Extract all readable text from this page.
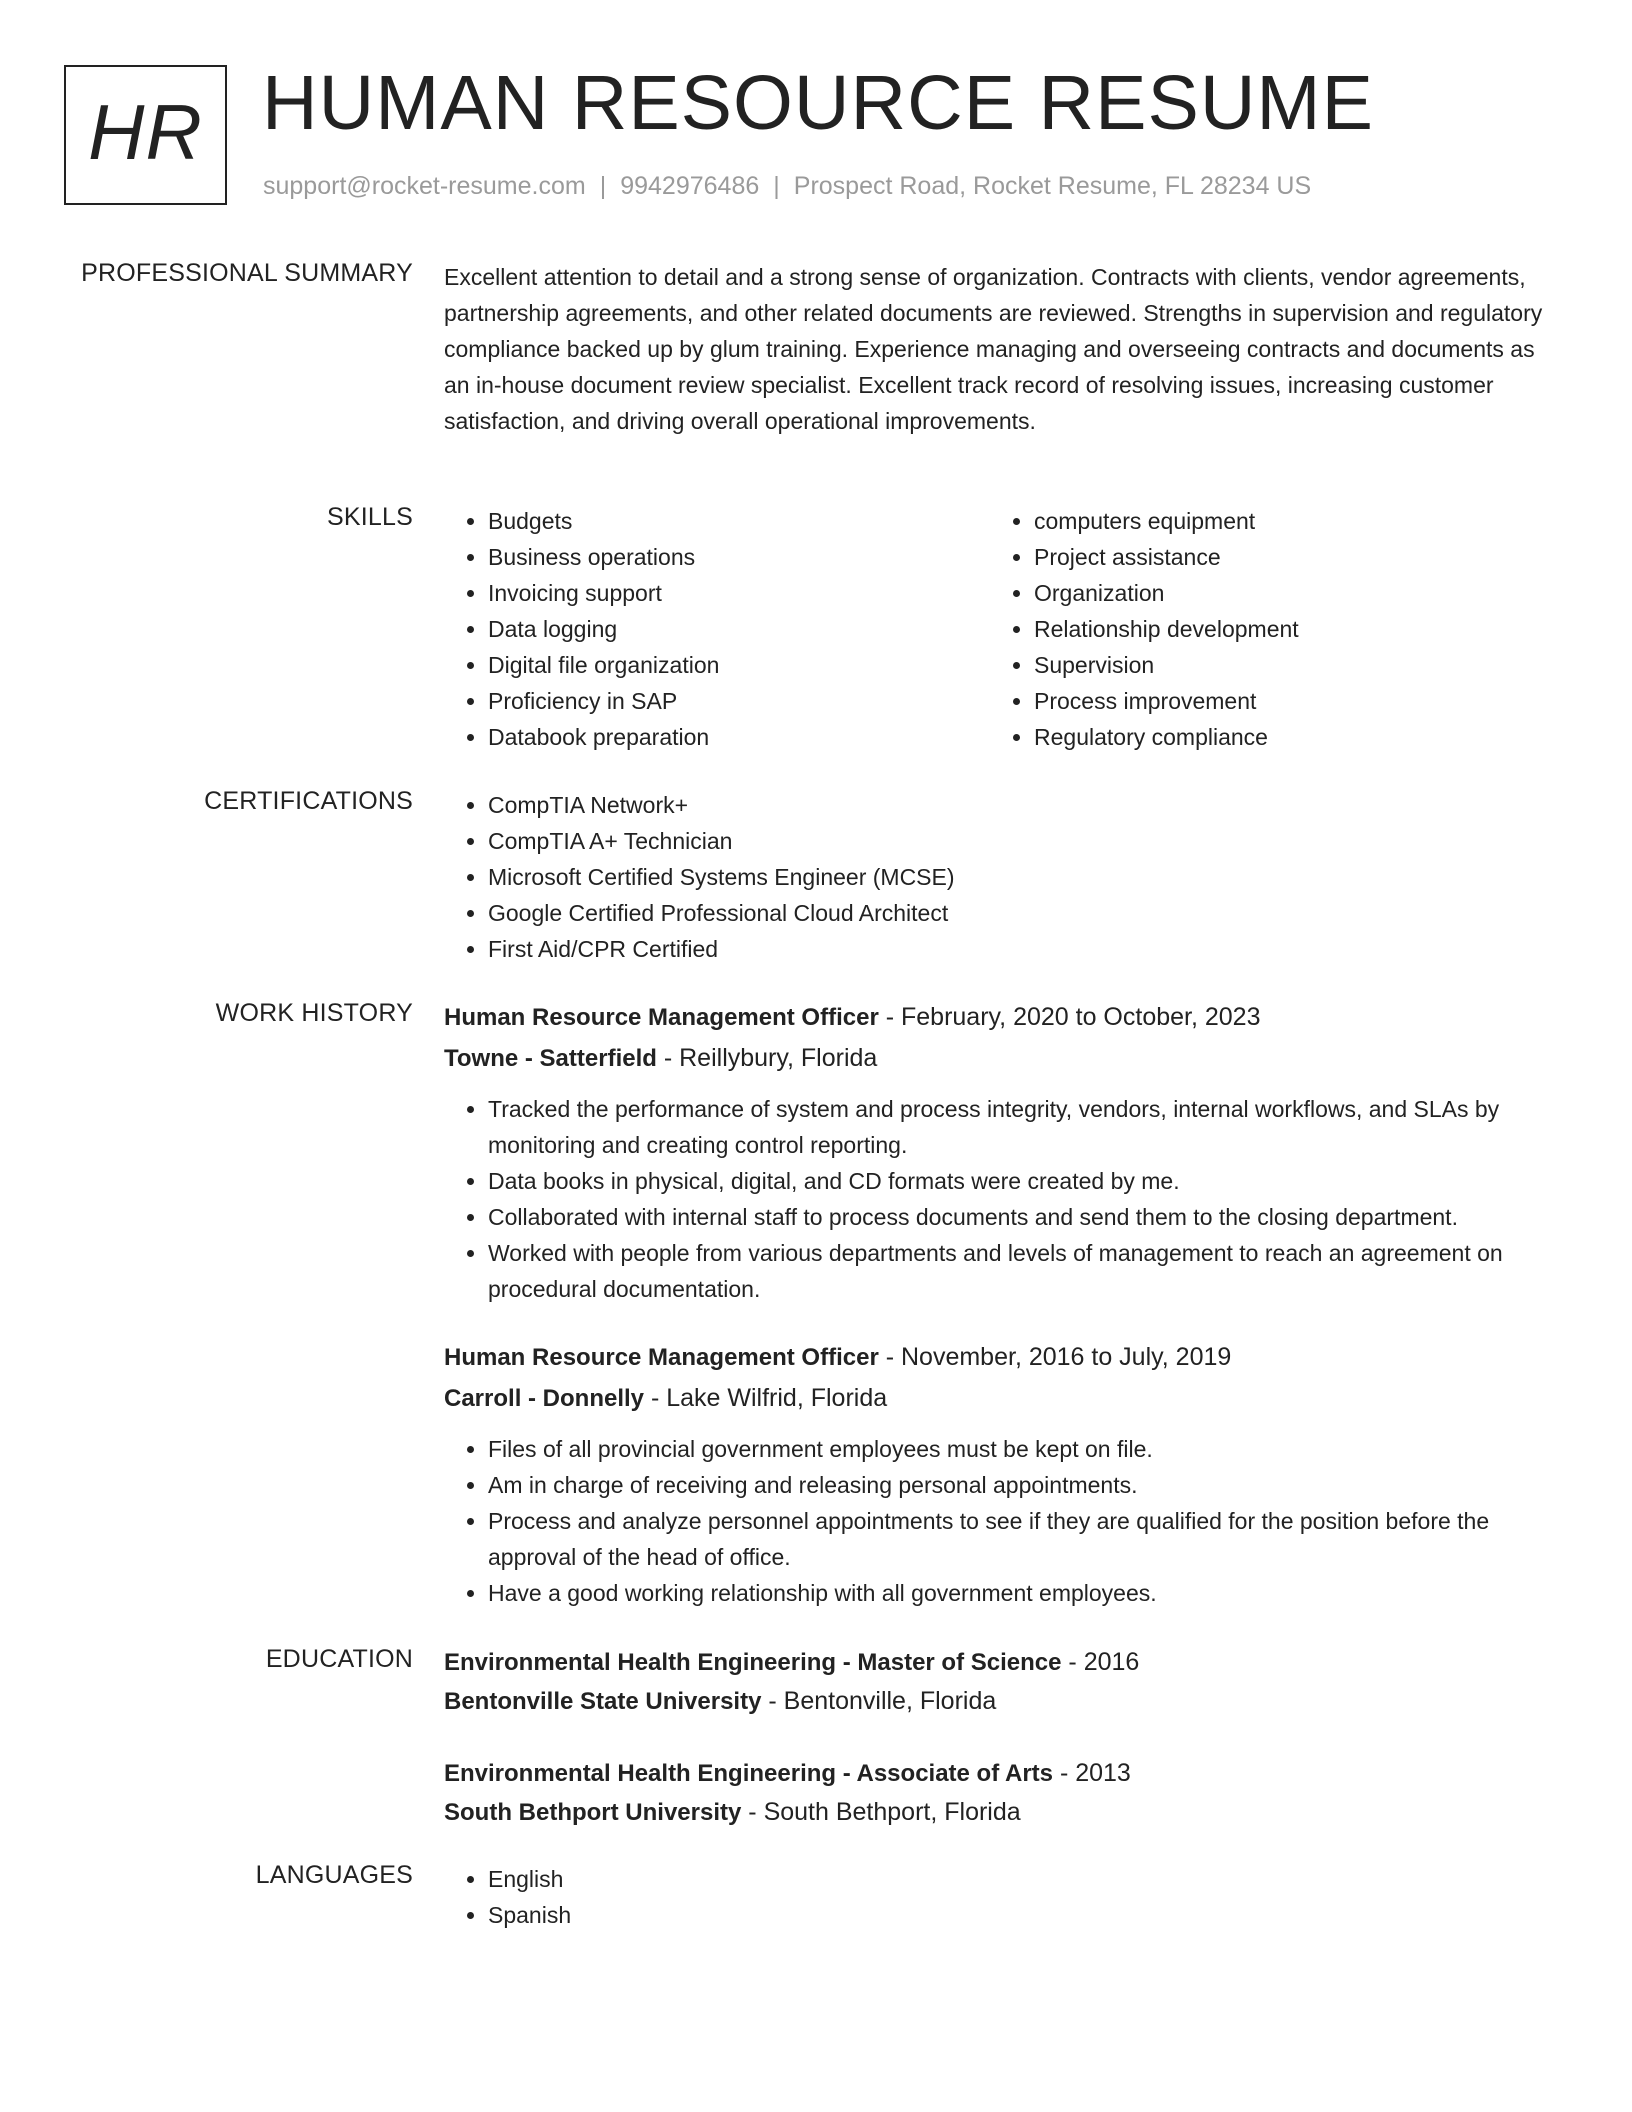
HR HUMAN RESOURCE RESUME
support@rocket-resume.com | 9942976486 | Prospect Road, Rocket Resume, FL 28234 US
PROFESSIONAL SUMMARY Excellent attention to detail and a strong sense of organization. Contracts with clients, vendor agreements, partnership agreements, and other related documents are reviewed. Strengths in supervision and regulatory compliance backed up by glum training. Experience managing and overseeing contracts and documents as an in-house document review specialist. Excellent track record of resolving issues, increasing customer satisfaction, and driving overall operational improvements.

SKILLS	• Budgets
• Business operations
• Invoicing support
• Data logging
• Digital file organization
• Proficiency in SAP
• Databook preparation
• computers equipment
• Project assistance
• Organization
• Relationship development
• Supervision
• Process improvement
• Regulatory compliance
CERTIFICATIONS	• CompTIA Network+
• CompTIA A+ Technician
• Microsoft Certified Systems Engineer (MCSE)
• Google Certified Professional Cloud Architect
• First Aid/CPR Certified
WORK HISTORY Human Resource Management Officer - February, 2020 to October, 2023
Towne - Satterfield - Reillybury, Florida
• Tracked the performance of system and process integrity, vendors, internal workflows, and SLAs by monitoring and creating control reporting.
• Data books in physical, digital, and CD formats were created by me.
• Collaborated with internal staff to process documents and send them to the closing department.
• Worked with people from various departments and levels of management to reach an agreement on procedural documentation.
Human Resource Management Officer - November, 2016 to July, 2019
Carroll - Donnelly - Lake Wilfrid, Florida
• Files of all provincial government employees must be kept on file.
• Am in charge of receiving and releasing personal appointments.
• Process and analyze personnel appointments to see if they are qualified for the position before the approval of the head of office.
• Have a good working relationship with all government employees.
EDUCATION Environmental Health Engineering - Master of Science - 2016
Bentonville State University - Bentonville, Florida
Environmental Health Engineering - Associate of Arts - 2013
South Bethport University - South Bethport, Florida
LANGUAGES	• English
• Spanish
